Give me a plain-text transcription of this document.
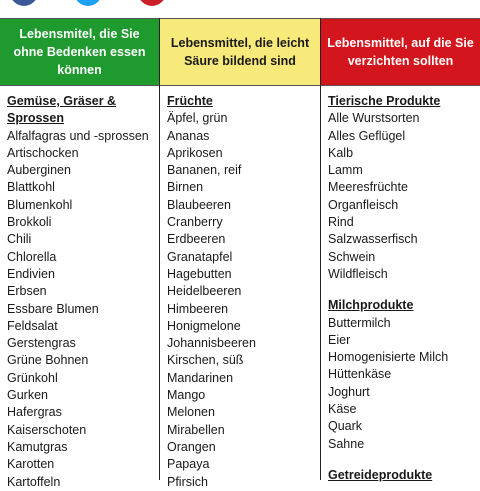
Lebensmitel, die Sie ohne Bedenken essen können
Gemüse, Gräser & Sprossen
Alfalfagras und -sprossen
Artischocken
Auberginen
Blattkohl
Blumenkohl
Brokkoli
Chili
Chlorella
Endivien
Erbsen
Essbare Blumen
Feldsalat
Gerstengras
Grüne Bohnen
Grünkohl
Gurken
Hafergras
Kaiserschoten
Kamutgras
Karotten
Kartoffeln
Lebensmittel, die leicht Säure bildend sind
Früchte
Äpfel, grün
Ananas
Aprikosen
Bananen, reif
Birnen
Blaubeeren
Cranberry
Erdbeeren
Granatapfel
Hagebutten
Heidelbeeren
Himbeeren
Honigmelone
Johannisbeeren
Kirschen, süß
Mandarinen
Mango
Melonen
Mirabellen
Orangen
Papaya
Pfirsich
Lebensmittel, auf die Sie verzichten sollten
Tierische Produkte
Alle Wurstsorten
Alles Geflügel
Kalb
Lamm
Meeresfrüchte
Organfleisch
Rind
Salzwasserfisch
Schwein
Wildfleisch
Milchprodukte
Buttermilch
Eier
Homogenisierte Milch
Hüttenkäse
Joghurt
Käse
Quark
Sahne
Getreideprodukte
